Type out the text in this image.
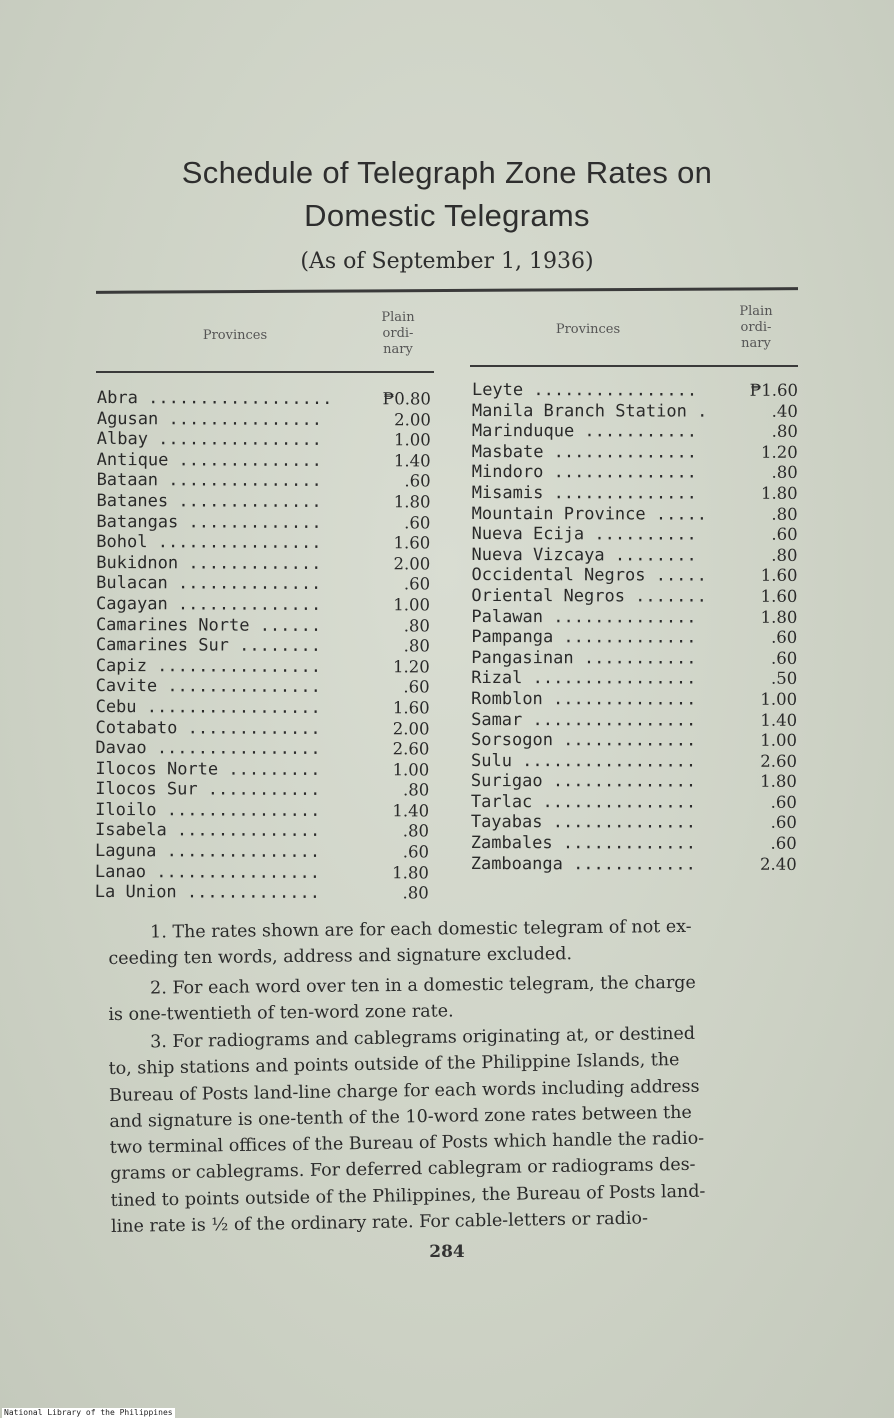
Schedule of Telegraph Zone Rates on
Domestic Telegrams
(As of September 1, 1936)
Provinces
Plain
ordi-
nary
Provinces
Plain
ordi-
nary
Abra ..................	₱0.80
Agusan ...............	2.00
Albay ................	1.00
Antique ..............	1.40
Bataan ...............	.60
Batanes ..............	1.80
Batangas .............	.60
Bohol ................	1.60
Bukidnon .............	2.00
Bulacan ..............	.60
Cagayan ..............	1.00
Camarines Norte ......	.80
Camarines Sur ........	.80
Capiz ................	1.20
Cavite ...............	.60
Cebu .................	1.60
Cotabato .............	2.00
Davao ................	2.60
Ilocos Norte .........	1.00
Ilocos Sur ...........	.80
Iloilo ...............	1.40
Isabela ..............	.80
Laguna ...............	.60
Lanao ................	1.80
La Union .............	.80
Leyte ................	₱1.60
Manila Branch Station .	.40
Marinduque ...........	.80
Masbate ..............	1.20
Mindoro ..............	.80
Misamis ..............	1.80
Mountain Province .....	.80
Nueva Ecija ..........	.60
Nueva Vizcaya ........	.80
Occidental Negros .....	1.60
Oriental Negros .......	1.60
Palawan ..............	1.80
Pampanga .............	.60
Pangasinan ...........	.60
Rizal ................	.50
Romblon ..............	1.00
Samar ................	1.40
Sorsogon .............	1.00
Sulu .................	2.60
Surigao ..............	1.80
Tarlac ...............	.60
Tayabas ..............	.60
Zambales .............	.60
Zamboanga ............	2.40
1. The rates shown are for each domestic telegram of not ex-
ceeding ten words, address and signature excluded.
2. For each word over ten in a domestic telegram, the charge
is one-twentieth of ten-word zone rate.
3. For radiograms and cablegrams originating at, or destined
to, ship stations and points outside of the Philippine Islands, the
Bureau of Posts land-line charge for each words including address
and signature is one-tenth of the 10-word zone rates between the
two terminal offices of the Bureau of Posts which handle the radio-
grams or cablegrams. For deferred cablegram or radiograms des-
tined to points outside of the Philippines, the Bureau of Posts land-
line rate is ½ of the ordinary rate. For cable-letters or radio-
284
National Library of the Philippines
